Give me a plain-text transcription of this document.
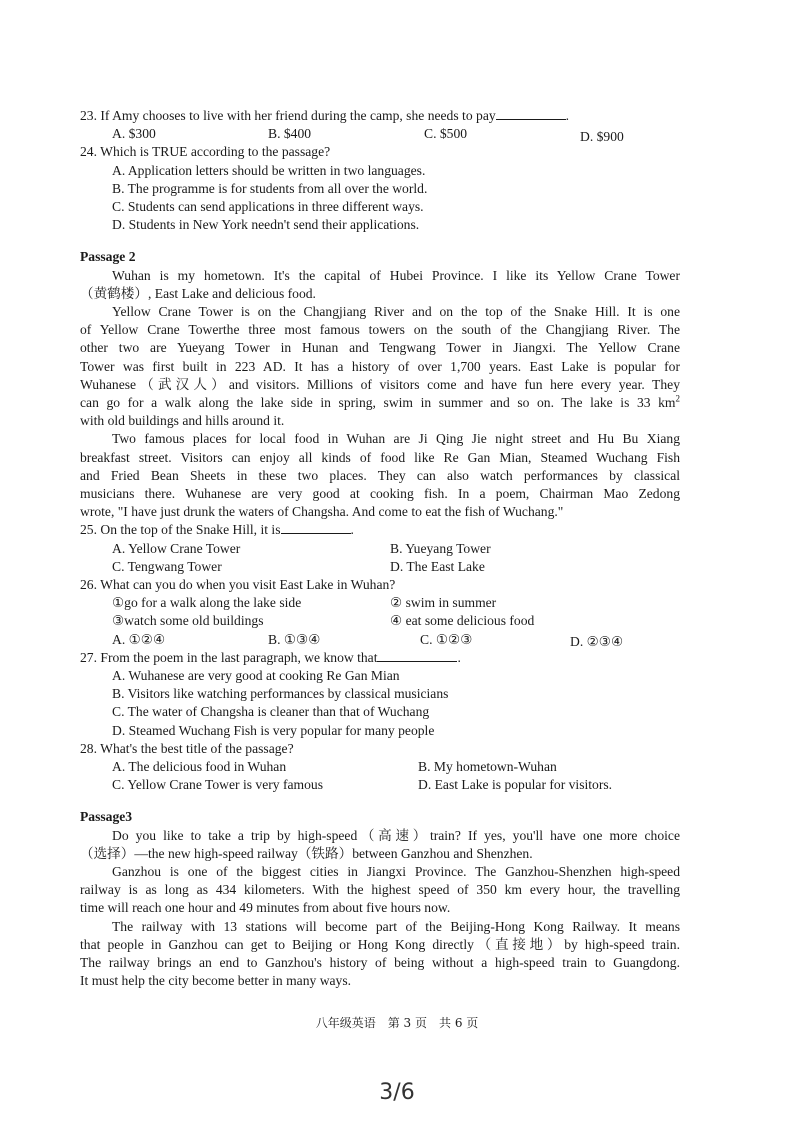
23. If Amy chooses to live with her friend during the camp, she needs to pay	.
A. $300	B. $400	C. $500	D. $900
24. Which is TRUE according to the passage?
A. Application letters should be written in two languages.
B. The programme is for students from all over the world.
C. Students can send applications in three different ways.
D. Students in New York needn't send their applications.
Passage 2
Wuhan is my hometown. It's the capital of Hubei Province. I like its Yellow Crane Tower
（黄鹤楼）, East Lake and delicious food.
Yellow Crane Tower is on the Changjiang River and on the top of the Snake Hill. It is one
of Yellow Crane Towerthe three most famous towers on the south of the Changjiang River. The
other two are Yueyang Tower in Hunan and Tengwang Tower in Jiangxi. The Yellow Crane
Tower was first built in 223 AD. It has a history of over 1,700 years. East Lake is popular for
Wuhanese（武汉人）and visitors. Millions of visitors come and have fun here every year. They
can go for a walk along the lake side in spring, swim in summer and so on. The lake is 33 $km^2$
with old buildings and hills around it.
Two famous places for local food in Wuhan are Ji Qing Jie night street and Hu Bu Xiang
breakfast street. Visitors can enjoy all kinds of food like Re Gan Mian, Steamed Wuchang Fish
and Fried Bean Sheets in these two places. They can also watch performances by classical
musicians there. Wuhanese are very good at cooking fish. In a poem, Chairman Mao Zedong
wrote, "I have just drunk the waters of Changsha. And come to eat the fish of Wuchang."
25. On the top of the Snake Hill, it is	.
A. Yellow Crane Tower	B. Yueyang Tower
C. Tengwang Tower	D. The East Lake
26. What can you do when you visit East Lake in Wuhan?
①go for a walk along the lake side	② swim in summer
③watch some old buildings	④ eat some delicious food
A. ①②④	B. ①③④	C. ①②③	D. ②③④
27. From the poem in the last paragraph, we know that	.
A. Wuhanese are very good at cooking Re Gan Mian
B. Visitors like watching performances by classical musicians
C. The water of Changsha is cleaner than that of Wuchang
D. Steamed Wuchang Fish is very popular for many people
28. What's the best title of the passage?
A. The delicious food in Wuhan	B. My hometown-Wuhan
C. Yellow Crane Tower is very famous	D. East Lake is popular for visitors.
Passage3
Do you like to take a trip by high-speed（高速）train? If yes, you'll have one more choice
（选择）—the new high-speed railway（铁路）between Ganzhou and Shenzhen.
Ganzhou is one of the biggest cities in Jiangxi Province. The Ganzhou-Shenzhen high-speed
railway is as long as 434 kilometers. With the highest speed of 350 km every hour, the travelling
time will reach one hour and 49 minutes from about five hours now.
The railway with 13 stations will become part of the Beijing-Hong Kong Railway. It means
that people in Ganzhou can get to Beijing or Hong Kong directly（直接地）by high-speed train.
The railway brings an end to Ganzhou's history of being without a high-speed train to Guangdong.
It must help the city become better in many ways.
八年级英语　第 3 页　共 6 页
3/6
